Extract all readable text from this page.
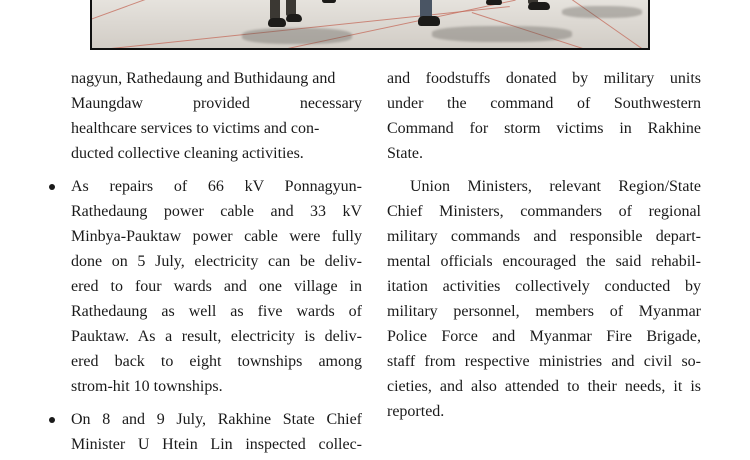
nagyun, Rathedaung and Buthidaung and

Maungdaw provided necessary

healthcare services to victims and con-

ducted collective cleaning activities.

As repairs of 66 kV Ponnagyun-

Rathedaung power cable and 33 kV

Minbya-Pauktaw power cable were fully

done on 5 July, electricity can be deliv-

ered to four wards and one village in

Rathedaung as well as five wards of

Pauktaw. As a result, electricity is deliv-

ered back to eight townships among

strom-hit 10 townships.

On 8 and 9 July, Rakhine State Chief

Minister U Htein Lin inspected collec-

and foodstuffs donated by military units

under the command of Southwestern

Command for storm victims in Rakhine

State.

Union Ministers, relevant Region/State

Chief Ministers, commanders of regional

military commands and responsible depart-

mental officials encouraged the said rehabil-

itation activities collectively conducted by

military personnel, members of Myanmar

Police Force and Myanmar Fire Brigade,

staff from respective ministries and civil so-

cieties, and also attended to their needs, it is

reported.
